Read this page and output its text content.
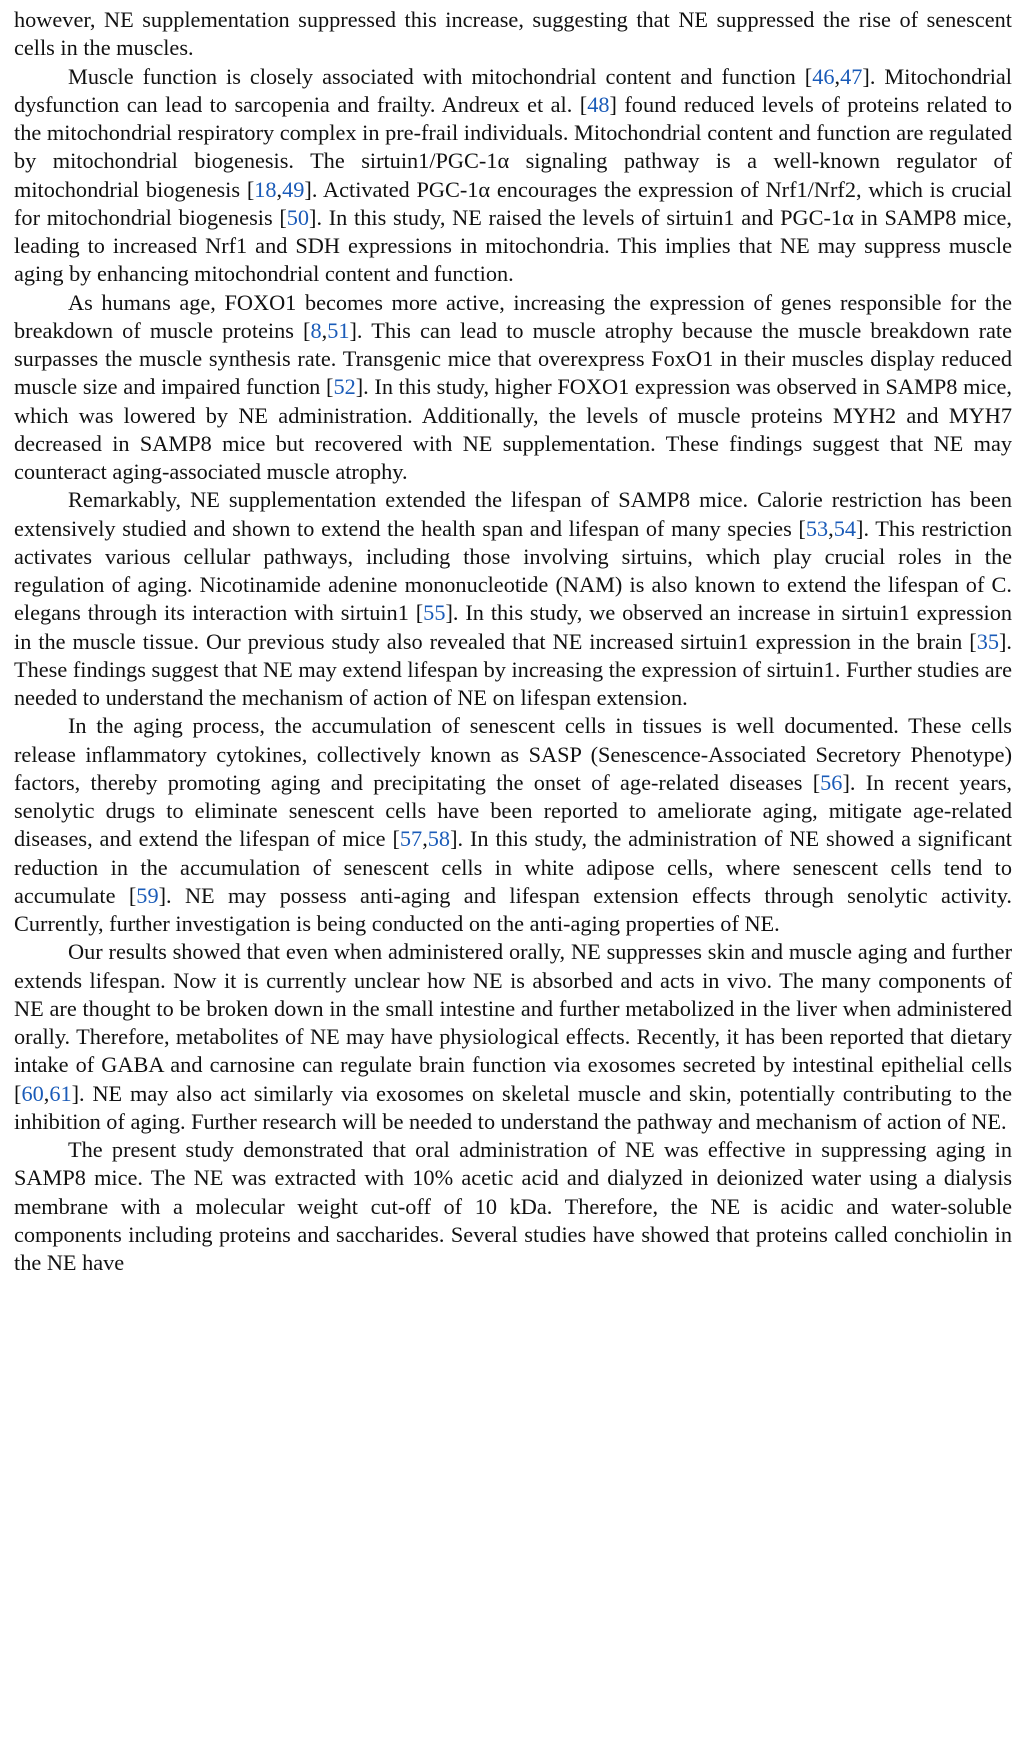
however, NE supplementation suppressed this increase, suggesting that NE suppressed the rise of senescent cells in the muscles.

Muscle function is closely associated with mitochondrial content and function [46,47]. Mitochondrial dysfunction can lead to sarcopenia and frailty. Andreux et al. [48] found reduced levels of proteins related to the mitochondrial respiratory complex in pre-frail individuals. Mitochondrial content and function are regulated by mitochondrial biogenesis. The sirtuin1/PGC-1α signaling pathway is a well-known regulator of mitochondrial biogenesis [18,49]. Activated PGC-1α encourages the expression of Nrf1/Nrf2, which is crucial for mitochondrial biogenesis [50]. In this study, NE raised the levels of sirtuin1 and PGC-1α in SAMP8 mice, leading to increased Nrf1 and SDH expressions in mitochondria. This implies that NE may suppress muscle aging by enhancing mitochondrial content and function.

As humans age, FOXO1 becomes more active, increasing the expression of genes responsible for the breakdown of muscle proteins [8,51]. This can lead to muscle atrophy because the muscle breakdown rate surpasses the muscle synthesis rate. Transgenic mice that overexpress FoxO1 in their muscles display reduced muscle size and impaired function [52]. In this study, higher FOXO1 expression was observed in SAMP8 mice, which was lowered by NE administration. Additionally, the levels of muscle proteins MYH2 and MYH7 decreased in SAMP8 mice but recovered with NE supplementation. These findings suggest that NE may counteract aging-associated muscle atrophy.

Remarkably, NE supplementation extended the lifespan of SAMP8 mice. Calorie restriction has been extensively studied and shown to extend the health span and lifespan of many species [53,54]. This restriction activates various cellular pathways, including those involving sirtuins, which play crucial roles in the regulation of aging. Nicotinamide adenine mononucleotide (NAM) is also known to extend the lifespan of C. elegans through its interaction with sirtuin1 [55]. In this study, we observed an increase in sirtuin1 expression in the muscle tissue. Our previous study also revealed that NE increased sirtuin1 expression in the brain [35]. These findings suggest that NE may extend lifespan by increasing the expression of sirtuin1. Further studies are needed to understand the mechanism of action of NE on lifespan extension.

In the aging process, the accumulation of senescent cells in tissues is well documented. These cells release inflammatory cytokines, collectively known as SASP (Senescence-Associated Secretory Phenotype) factors, thereby promoting aging and precipitating the onset of age-related diseases [56]. In recent years, senolytic drugs to eliminate senescent cells have been reported to ameliorate aging, mitigate age-related diseases, and extend the lifespan of mice [57,58]. In this study, the administration of NE showed a significant reduction in the accumulation of senescent cells in white adipose cells, where senescent cells tend to accumulate [59]. NE may possess anti-aging and lifespan extension effects through senolytic activity. Currently, further investigation is being conducted on the anti-aging properties of NE.

Our results showed that even when administered orally, NE suppresses skin and muscle aging and further extends lifespan. Now it is currently unclear how NE is absorbed and acts in vivo. The many components of NE are thought to be broken down in the small intestine and further metabolized in the liver when administered orally. Therefore, metabolites of NE may have physiological effects. Recently, it has been reported that dietary intake of GABA and carnosine can regulate brain function via exosomes secreted by intestinal epithelial cells [60,61]. NE may also act similarly via exosomes on skeletal muscle and skin, potentially contributing to the inhibition of aging. Further research will be needed to understand the pathway and mechanism of action of NE.

The present study demonstrated that oral administration of NE was effective in suppressing aging in SAMP8 mice. The NE was extracted with 10% acetic acid and dialyzed in deionized water using a dialysis membrane with a molecular weight cut-off of 10 kDa. Therefore, the NE is acidic and water-soluble components including proteins and saccharides. Several studies have showed that proteins called conchiolin in the NE have
